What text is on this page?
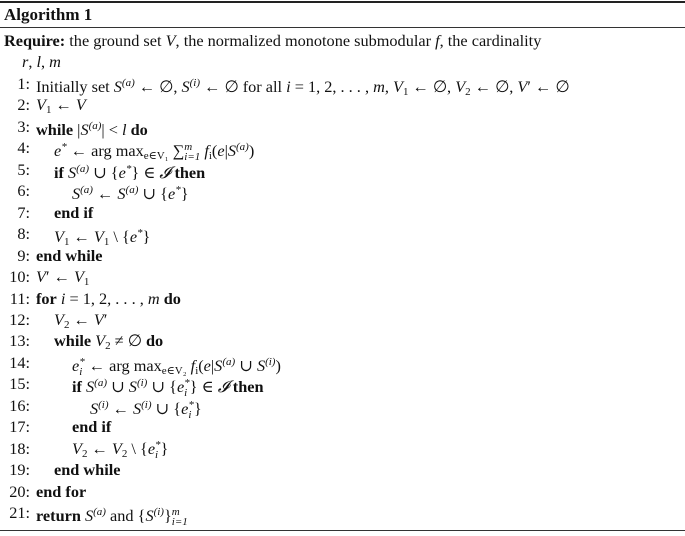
Algorithm 1
Require: the ground set V, the normalized monotone submodular f, the cardinality
r, l, m
1: Initially set $S^{(a)}$ ← ∅, $S^{(i)}$ ← ∅ for all i = 1, 2, . . . , m, $V_1$ ← ∅, $V_2$ ← ∅, V′ ← ∅
2: $V_1$ ← V
3: while $|S^{(a)}| < l$ do
4: e* ← arg $\max_{e\in V_1}$ ∑ m
i=1 $f_i(e|S^{(a)})$
5: if $S^{(a)}$ ∪ {e*} ∈ 𝓘 then
6:	$S^{(a)}$ ← $S^{(a)}$ ∪ {e*}
7: end if
8: $V_1$ ← $V_1$ \ {e*}
9: end while
10: V′ ← $V_1$
11: for i = 1, 2, . . . , m do
12: $V_2$ ← V′
13: while $V_2$ ≠ ∅ do
14:	e *
i ← arg $\max_{e\in V_2} f_i(e|S^{(a)}$ ∪ $S^{(i)}$)
15:	if $S^{(a)}$ ∪ $S^{(i)}$ ∪ {e *
i } ∈ 𝓘 then
16:	$S^{(i)}$ ← $S^{(i)}$ ∪ {e *
i }
17:	end if
18:	$V_2$ ← $V_2$ \ {e *
i }
19: end while
20: end for
21: return $S^{(a)}$ and $\{S^{(i)}\}$ m
i=1
